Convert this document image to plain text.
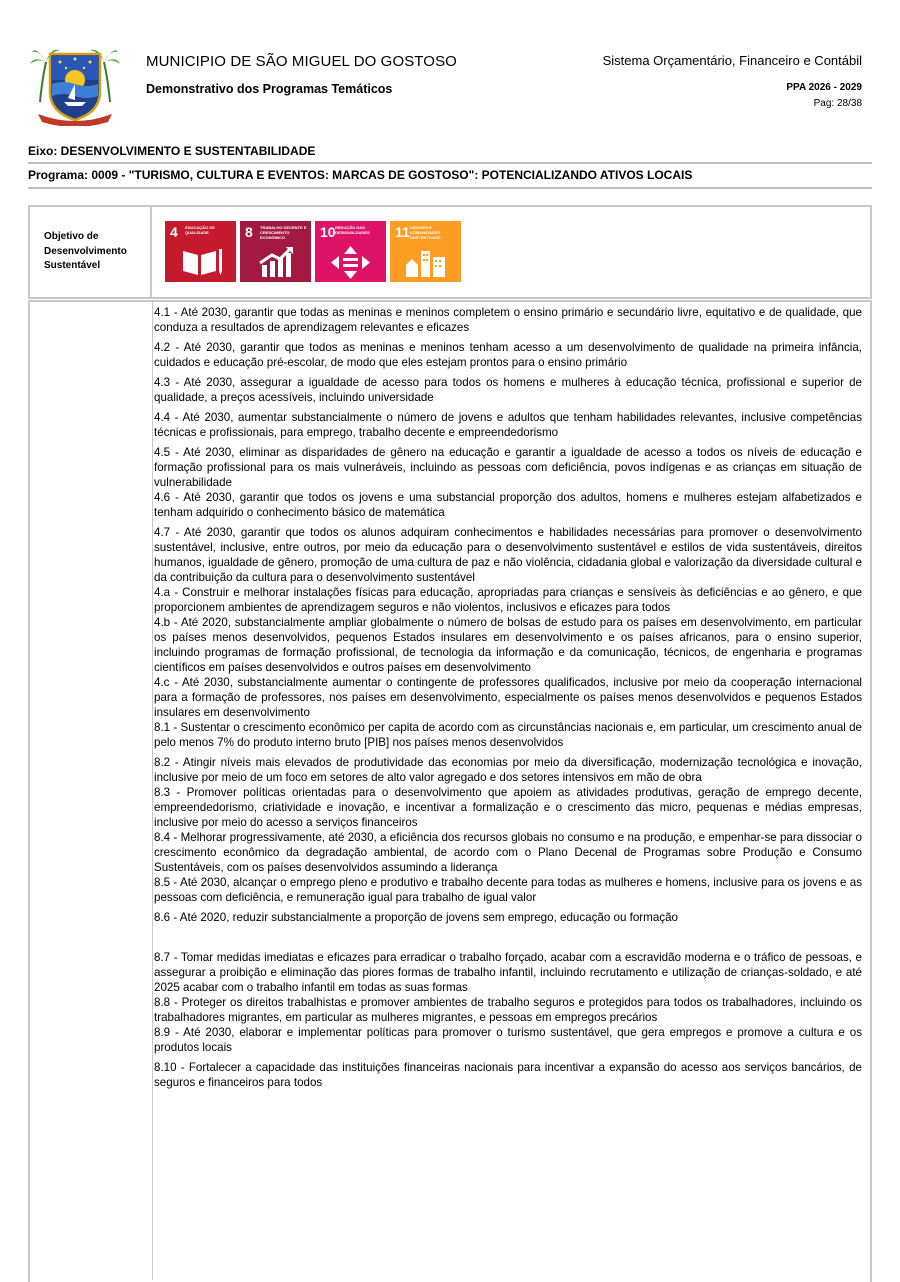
MUNICIPIO DE SÃO MIGUEL DO GOSTOSO
Demonstrativo dos Programas Temáticos
Sistema Orçamentário, Financeiro e Contábil
PPA 2026 - 2029
Pag: 28/38
Eixo: DESENVOLVIMENTO E SUSTENTABILIDADE
Programa: 0009 - "TURISMO, CULTURA E EVENTOS: MARCAS DE GOSTOSO": POTENCIALIZANDO ATIVOS LOCAIS
Objetivo de Desenvolvimento Sustentável
4 EDUCAÇÃO DE QUALIDADE	8 TRABALHO DECENTE E CRESCIMENTO ECONÔMICO	10 REDUÇÃO DAS DESIGUALDADES	11 CIDADES E COMUNIDADES SUSTENTÁVEIS

4.1 - Até 2030, garantir que todas as meninas e meninos completem o ensino primário e secundário livre, equitativo e de qualidade, que conduza a resultados de aprendizagem relevantes e eficazes

4.2 - Até 2030, garantir que todos as meninas e meninos tenham acesso a um desenvolvimento de qualidade na primeira infância, cuidados e educação pré-escolar, de modo que eles estejam prontos para o ensino primário

4.3 - Até 2030, assegurar a igualdade de acesso para todos os homens e mulheres à educação técnica, profissional e superior de qualidade, a preços acessíveis, incluindo universidade

4.4 - Até 2030, aumentar substancialmente o número de jovens e adultos que tenham habilidades relevantes, inclusive competências técnicas e profissionais, para emprego, trabalho decente e empreendedorismo

4.5 - Até 2030, eliminar as disparidades de gênero na educação e garantir a igualdade de acesso a todos os níveis de educação e formação profissional para os mais vulneráveis, incluindo as pessoas com deficiência, povos indígenas e as crianças em situação de vulnerabilidade

4.6 - Até 2030, garantir que todos os jovens e uma substancial proporção dos adultos, homens e mulheres estejam alfabetizados e tenham adquirido o conhecimento básico de matemática

4.7 - Até 2030, garantir que todos os alunos adquiram conhecimentos e habilidades necessárias para promover o desenvolvimento sustentável, inclusive, entre outros, por meio da educação para o desenvolvimento sustentável e estilos de vida sustentáveis, direitos humanos, igualdade de gênero, promoção de uma cultura de paz e não violência, cidadania global e valorização da diversidade cultural e da contribuição da cultura para o desenvolvimento sustentável

4.a - Construir e melhorar instalações físicas para educação, apropriadas para crianças e sensíveis às deficiências e ao gênero, e que proporcionem ambientes de aprendizagem seguros e não violentos, inclusivos e eficazes para todos

4.b - Até 2020, substancialmente ampliar globalmente o número de bolsas de estudo para os países em desenvolvimento, em particular os países menos desenvolvidos, pequenos Estados insulares em desenvolvimento e os países africanos, para o ensino superior, incluindo programas de formação profissional, de tecnologia da informação e da comunicação, técnicos, de engenharia e programas científicos em países desenvolvidos e outros países em desenvolvimento

4.c - Até 2030, substancialmente aumentar o contingente de professores qualificados, inclusive por meio da cooperação internacional para a formação de professores, nos países em desenvolvimento, especialmente os países menos desenvolvidos e pequenos Estados insulares em desenvolvimento

8.1 - Sustentar o crescimento econômico per capita de acordo com as circunstâncias nacionais e, em particular, um crescimento anual de pelo menos 7% do produto interno bruto [PIB] nos países menos desenvolvidos

8.2 - Atingir níveis mais elevados de produtividade das economias por meio da diversificação, modernização tecnológica e inovação, inclusive por meio de um foco em setores de alto valor agregado e dos setores intensivos em mão de obra

8.3 - Promover políticas orientadas para o desenvolvimento que apoiem as atividades produtivas, geração de emprego decente, empreendedorismo, criatividade e inovação, e incentivar a formalização e o crescimento das micro, pequenas e médias empresas, inclusive por meio do acesso a serviços financeiros

8.4 - Melhorar progressivamente, até 2030, a eficiência dos recursos globais no consumo e na produção, e empenhar-se para dissociar o crescimento econômico da degradação ambiental, de acordo com o Plano Decenal de Programas sobre Produção e Consumo Sustentáveis, com os países desenvolvidos assumindo a liderança

8.5 - Até 2030, alcançar o emprego pleno e produtivo e trabalho decente para todas as mulheres e homens, inclusive para os jovens e as pessoas com deficiência, e remuneração igual para trabalho de igual valor

8.6 - Até 2020, reduzir substancialmente a proporção de jovens sem emprego, educação ou formação

8.7 - Tomar medidas imediatas e eficazes para erradicar o trabalho forçado, acabar com a escravidão moderna e o tráfico de pessoas, e assegurar a proibição e eliminação das piores formas de trabalho infantil, incluindo recrutamento e utilização de crianças-soldado, e até 2025 acabar com o trabalho infantil em todas as suas formas

8.8 - Proteger os direitos trabalhistas e promover ambientes de trabalho seguros e protegidos para todos os trabalhadores, incluindo os trabalhadores migrantes, em particular as mulheres migrantes, e pessoas em empregos precários

8.9 - Até 2030, elaborar e implementar políticas para promover o turismo sustentável, que gera empregos e promove a cultura e os produtos locais

8.10 - Fortalecer a capacidade das instituições financeiras nacionais para incentivar a expansão do acesso aos serviços bancários, de seguros e financeiros para todos
